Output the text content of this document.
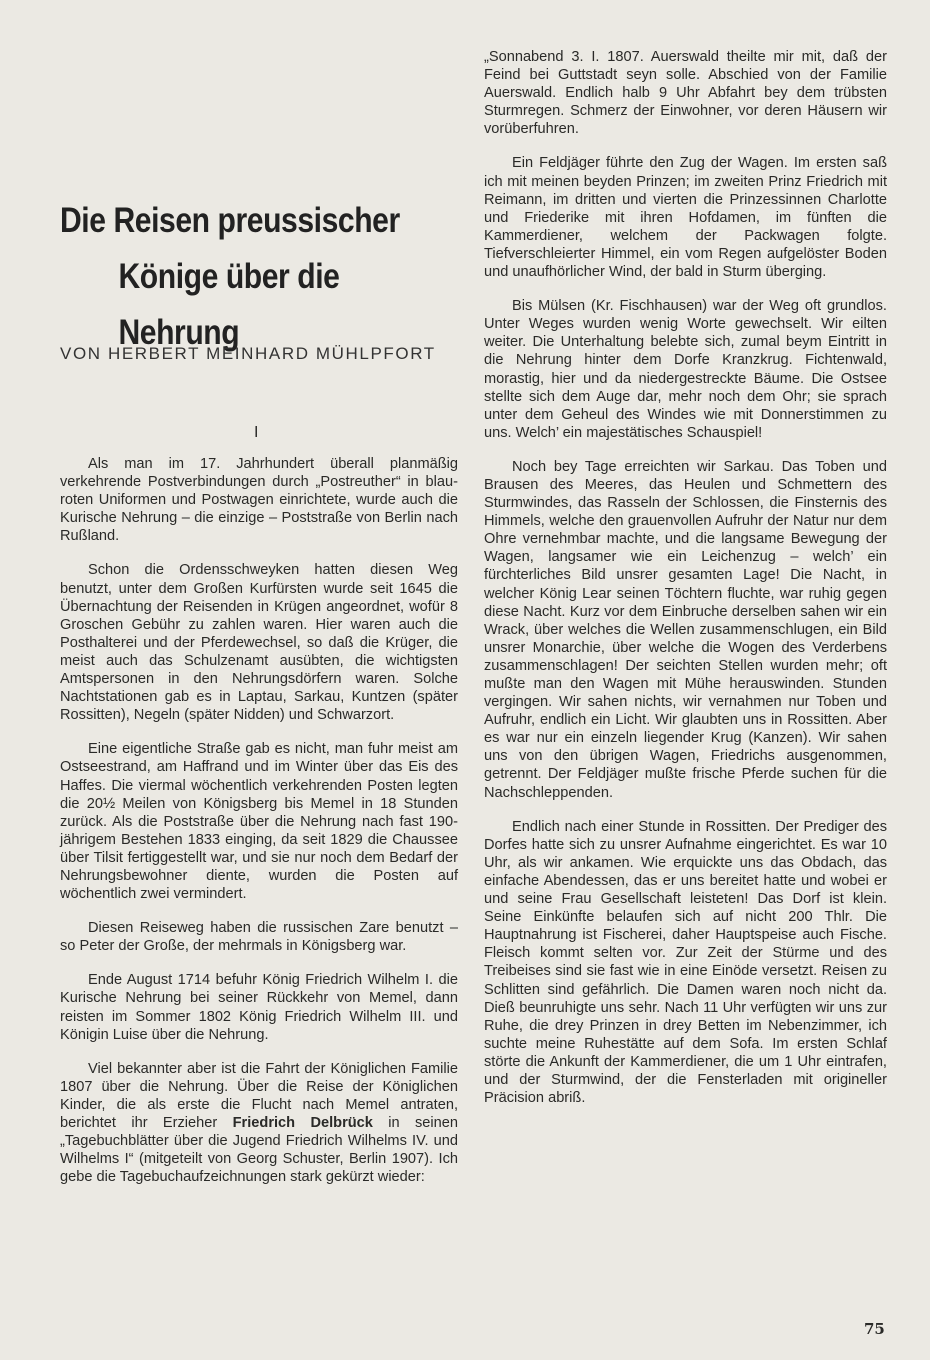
Die Reisen preussischer
Könige über die Nehrung
VON HERBERT MEINHARD MÜHLPFORT
I

Als man im 17. Jahrhundert überall planmäßig verkehrende Postverbindungen durch „Postreuther“ in blau-roten Uniformen und Postwagen einrichtete, wurde auch die Kurische Nehrung – die einzige – Poststraße von Berlin nach Rußland.

Schon die Ordensschweyken hatten diesen Weg benutzt, unter dem Großen Kurfürsten wurde seit 1645 die Übernachtung der Reisenden in Krügen angeordnet, wofür 8 Groschen Gebühr zu zahlen waren. Hier waren auch die Posthalterei und der Pferdewechsel, so daß die Krüger, die meist auch das Schulzenamt ausübten, die wichtigsten Amtspersonen in den Nehrungsdörfern waren. Solche Nachtstationen gab es in Laptau, Sarkau, Kuntzen (später Rossitten), Negeln (später Nidden) und Schwarzort.

Eine eigentliche Straße gab es nicht, man fuhr meist am Ostseestrand, am Haffrand und im Winter über das Eis des Haffes. Die viermal wöchentlich verkehrenden Posten legten die 20½ Meilen von Königsberg bis Memel in 18 Stunden zurück. Als die Poststraße über die Nehrung nach fast 190-jährigem Bestehen 1833 einging, da seit 1829 die Chaussee über Tilsit fertiggestellt war, und sie nur noch dem Bedarf der Nehrungsbewohner diente, wurden die Posten auf wöchentlich zwei vermindert.

Diesen Reiseweg haben die russischen Zare benutzt – so Peter der Große, der mehrmals in Königsberg war.

Ende August 1714 befuhr König Friedrich Wilhelm I. die Kurische Nehrung bei seiner Rückkehr von Memel, dann reisten im Sommer 1802 König Friedrich Wilhelm III. und Königin Luise über die Nehrung.

Viel bekannter aber ist die Fahrt der Königlichen Familie 1807 über die Nehrung. Über die Reise der Königlichen Kinder, die als erste die Flucht nach Memel antraten, berichtet ihr Erzieher Friedrich Delbrück in seinen „Tagebuchblätter über die Jugend Friedrich Wilhelms IV. und Wilhelms I“ (mitgeteilt von Georg Schuster, Berlin 1907). Ich gebe die Tagebuchaufzeichnungen stark gekürzt wieder:

„Sonnabend 3. I. 1807. Auerswald theilte mir mit, daß der Feind bei Guttstadt seyn solle. Abschied von der Familie Auerswald. Endlich halb 9 Uhr Abfahrt bey dem trübsten Sturmregen. Schmerz der Einwohner, vor deren Häusern wir vorüberfuhren.

Ein Feldjäger führte den Zug der Wagen. Im ersten saß ich mit meinen beyden Prinzen; im zweiten Prinz Friedrich mit Reimann, im dritten und vierten die Prinzessinnen Charlotte und Friederike mit ihren Hofdamen, im fünften die Kammerdiener, welchem der Packwagen folgte. Tiefverschleierter Himmel, ein vom Regen aufgelöster Boden und unaufhörlicher Wind, der bald in Sturm überging.

Bis Mülsen (Kr. Fischhausen) war der Weg oft grundlos. Unter Weges wurden wenig Worte gewechselt. Wir eilten weiter. Die Unterhaltung belebte sich, zumal beym Eintritt in die Nehrung hinter dem Dorfe Kranzkrug. Fichtenwald, morastig, hier und da niedergestreckte Bäume. Die Ostsee stellte sich dem Auge dar, mehr noch dem Ohr; sie sprach unter dem Geheul des Windes wie mit Donnerstimmen zu uns. Welch’ ein majestätisches Schauspiel!

Noch bey Tage erreichten wir Sarkau. Das Toben und Brausen des Meeres, das Heulen und Schmettern des Sturmwindes, das Rasseln der Schlossen, die Finsternis des Himmels, welche den grauenvollen Aufruhr der Natur nur dem Ohre vernehmbar machte, und die langsame Bewegung der Wagen, langsamer wie ein Leichenzug – welch’ ein fürchterliches Bild unsrer gesamten Lage! Die Nacht, in welcher König Lear seinen Töchtern fluchte, war ruhig gegen diese Nacht. Kurz vor dem Einbruche derselben sahen wir ein Wrack, über welches die Wellen zusammenschlugen, ein Bild unsrer Monarchie, über welche die Wogen des Verderbens zusammenschlagen! Der seichten Stellen wurden mehr; oft mußte man den Wagen mit Mühe herauswinden. Stunden vergingen. Wir sahen nichts, wir vernahmen nur Toben und Aufruhr, endlich ein Licht. Wir glaubten uns in Rossitten. Aber es war nur ein einzeln liegender Krug (Kanzen). Wir sahen uns von den übrigen Wagen, Friedrichs ausgenommen, getrennt. Der Feldjäger mußte frische Pferde suchen für die Nachschleppenden.

Endlich nach einer Stunde in Rossitten. Der Prediger des Dorfes hatte sich zu unsrer Aufnahme eingerichtet. Es war 10 Uhr, als wir ankamen. Wie erquickte uns das Obdach, das einfache Abendessen, das er uns bereitet hatte und wobei er und seine Frau Gesellschaft leisteten! Das Dorf ist klein. Seine Einkünfte belaufen sich auf nicht 200 Thlr. Die Hauptnahrung ist Fischerei, daher Hauptspeise auch Fische. Fleisch kommt selten vor. Zur Zeit der Stürme und des Treibeises sind sie fast wie in eine Einöde versetzt. Reisen zu Schlitten sind gefährlich. Die Damen waren noch nicht da. Dieß beunruhigte uns sehr. Nach 11 Uhr verfügten wir uns zur Ruhe, die drey Prinzen in drey Betten im Nebenzimmer, ich suchte meine Ruhestätte auf dem Sofa. Im ersten Schlaf störte die Ankunft der Kammerdiener, die um 1 Uhr eintrafen, und der Sturmwind, der die Fensterladen mit origineller Präcision abriß.

75
